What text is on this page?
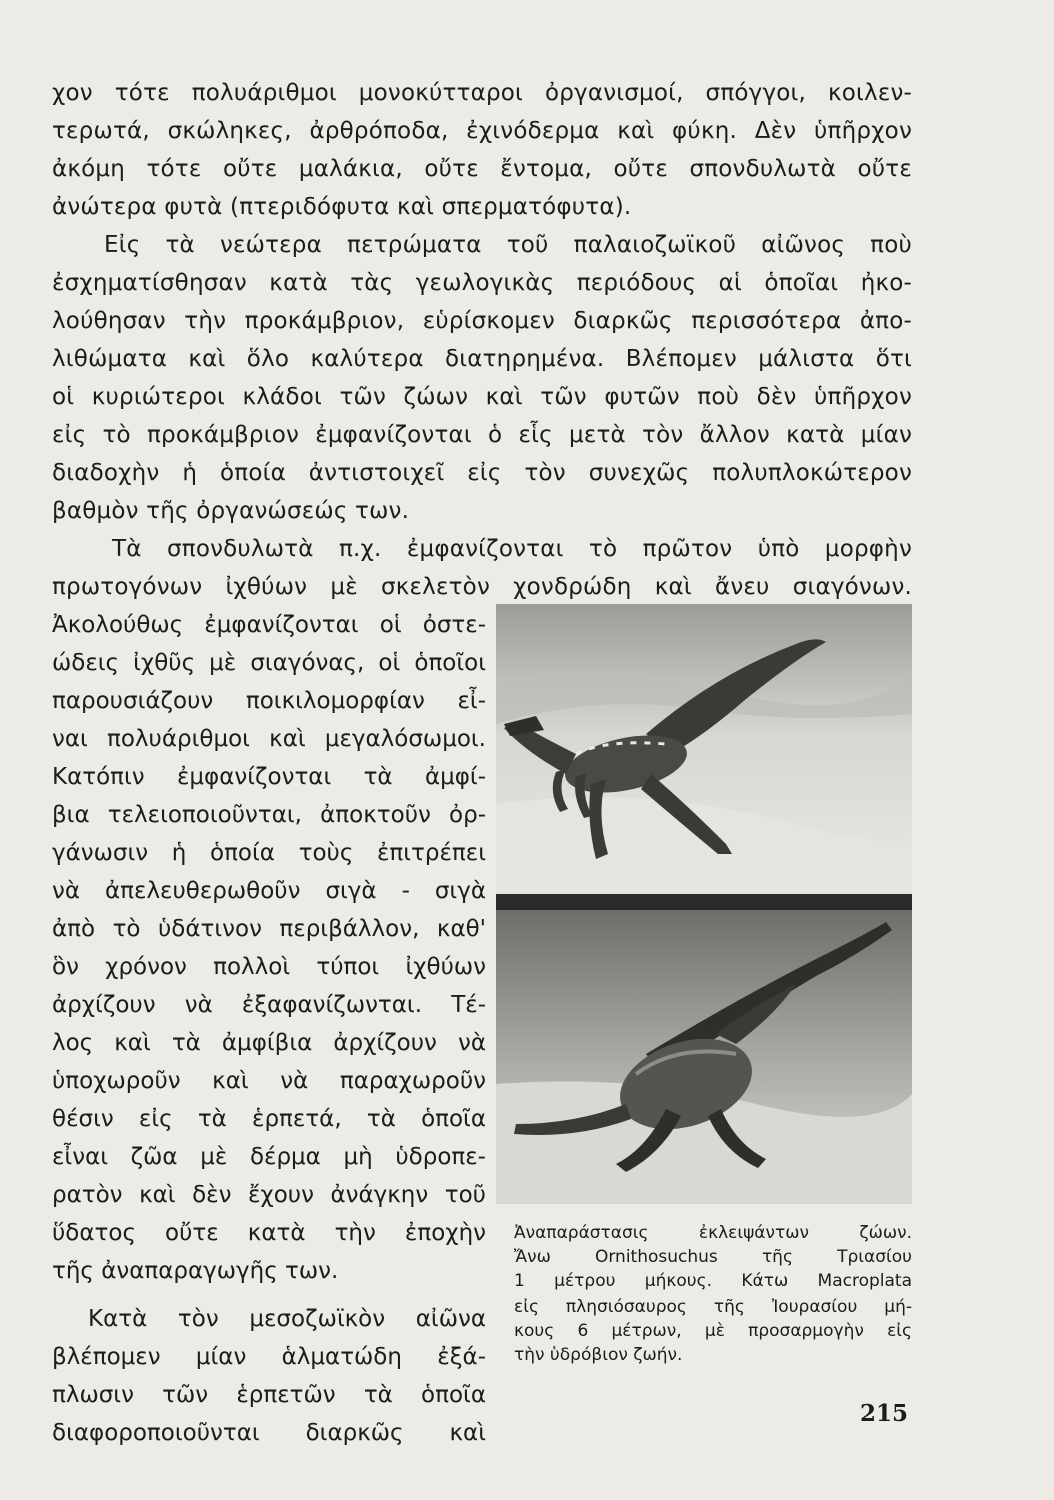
χον τότε πολυάριθμοι μονοκύτταροι ὀργανισμοί, σπόγγοι, κοιλεν-
τερωτά, σκώληκες, ἀρθρόποδα, ἐχινόδερμα καὶ φύκη. Δὲν ὑπῆρχον
ἀκόμη τότε οὔτε μαλάκια, οὔτε ἔντομα, οὔτε σπονδυλωτὰ οὔτε
ἀνώτερα φυτὰ (πτεριδόφυτα καὶ σπερματόφυτα).
Εἰς τὰ νεώτερα πετρώματα τοῦ παλαιοζωϊκοῦ αἰῶνος ποὺ
ἐσχηματίσθησαν κατὰ τὰς γεωλογικὰς περιόδους αἱ ὁποῖαι ἠκο-
λούθησαν τὴν προκάμβριον, εὑρίσκομεν διαρκῶς περισσότερα ἀπο-
λιθώματα καὶ ὅλο καλύτερα διατηρημένα. Βλέπομεν μάλιστα ὅτι
οἱ κυριώτεροι κλάδοι τῶν ζώων καὶ τῶν φυτῶν ποὺ δὲν ὑπῆρχον
εἰς τὸ προκάμβριον ἐμφανίζονται ὁ εἷς μετὰ τὸν ἄλλον κατὰ μίαν
διαδοχὴν ἡ ὁποία ἀντιστοιχεῖ εἰς τὸν συνεχῶς πολυπλοκώτερον
βαθμὸν τῆς ὀργανώσεώς των.
Τὰ σπονδυλωτὰ π.χ. ἐμφανίζονται τὸ πρῶτον ὑπὸ μορφὴν
πρωτογόνων ἰχθύων μὲ σκελετὸν χονδρώδη καὶ ἄνευ σιαγόνων.
Ἀκολούθως ἐμφανίζονται οἱ ὀστε-
ώδεις ἰχθῦς μὲ σιαγόνας, οἱ ὁποῖοι
παρουσιάζουν ποικιλομορφίαν εἶ-
ναι πολυάριθμοι καὶ μεγαλόσωμοι.
Κατόπιν ἐμφανίζονται τὰ ἀμφί-
βια τελειοποιοῦνται, ἀποκτοῦν ὀρ-
γάνωσιν ἡ ὁποία τοὺς ἐπιτρέπει
νὰ ἀπελευθερωθοῦν σιγὰ - σιγὰ
ἀπὸ τὸ ὑδάτινον περιβάλλον, καθ'
ὃν χρόνον πολλοὶ τύποι ἰχθύων
ἀρχίζουν νὰ ἐξαφανίζωνται. Τέ-
λος καὶ τὰ ἀμφίβια ἀρχίζουν νὰ
ὑποχωροῦν καὶ νὰ παραχωροῦν
θέσιν εἰς τὰ ἑρπετά, τὰ ὁποῖα
εἶναι ζῶα μὲ δέρμα μὴ ὑδροπε-
ρατὸν καὶ δὲν ἔχουν ἀνάγκην τοῦ
ὕδατος οὔτε κατὰ τὴν ἐποχὴν
τῆς ἀναπαραγωγῆς των.
Κατὰ τὸν μεσοζωϊκὸν αἰῶνα
βλέπομεν μίαν ἁλματώδη ἐξά-
πλωσιν τῶν ἑρπετῶν τὰ ὁποῖα
διαφοροποιοῦνται διαρκῶς καὶ
Ἀναπαράστασις ἐκλειψάντων ζώων.
Ἄνω Ornithosuchus τῆς Τριασίου
1 μέτρου μήκους. Κάτω Macroplata
εἰς πλησιόσαυρος τῆς Ἰουρασίου μή-
κους 6 μέτρων, μὲ προσαρμογὴν εἰς
τὴν ὑδρόβιον ζωήν.
215
